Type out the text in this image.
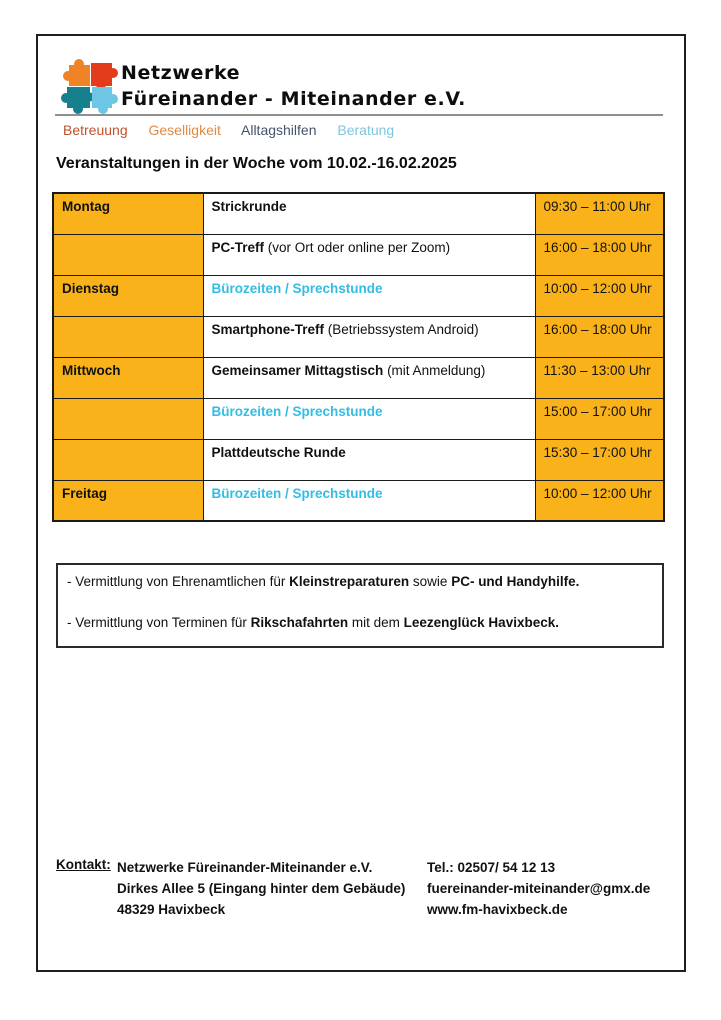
Netzwerke
Füreinander - Miteinander e.V.
Betreuung Geselligkeit Alltagshilfen Beratung
Veranstaltungen in der Woche vom 10.02.-16.02.2025
Montag	Strickrunde	09:30 – 11:00 Uhr
	PC-Treff (vor Ort oder online per Zoom)	16:00 – 18:00 Uhr
Dienstag	Bürozeiten / Sprechstunde	10:00 – 12:00 Uhr
	Smartphone-Treff (Betriebssystem Android)	16:00 – 18:00 Uhr
Mittwoch	Gemeinsamer Mittagstisch (mit Anmeldung)	11:30 – 13:00 Uhr
	Bürozeiten / Sprechstunde	15:00 – 17:00 Uhr
	Plattdeutsche Runde	15:30 – 17:00 Uhr
Freitag	Bürozeiten / Sprechstunde	10:00 – 12:00 Uhr
- Vermittlung von Ehrenamtlichen für Kleinstreparaturen sowie PC- und Handyhilfe.
- Vermittlung von Terminen für Rikschafahrten mit dem Leezenglück Havixbeck.
Kontakt: Netzwerke Füreinander-Miteinander e.V.
Dirkes Allee 5 (Eingang hinter dem Gebäude)
48329 Havixbeck
Tel.: 02507/ 54 12 13
fuereinander-miteinander@gmx.de
www.fm-havixbeck.de
